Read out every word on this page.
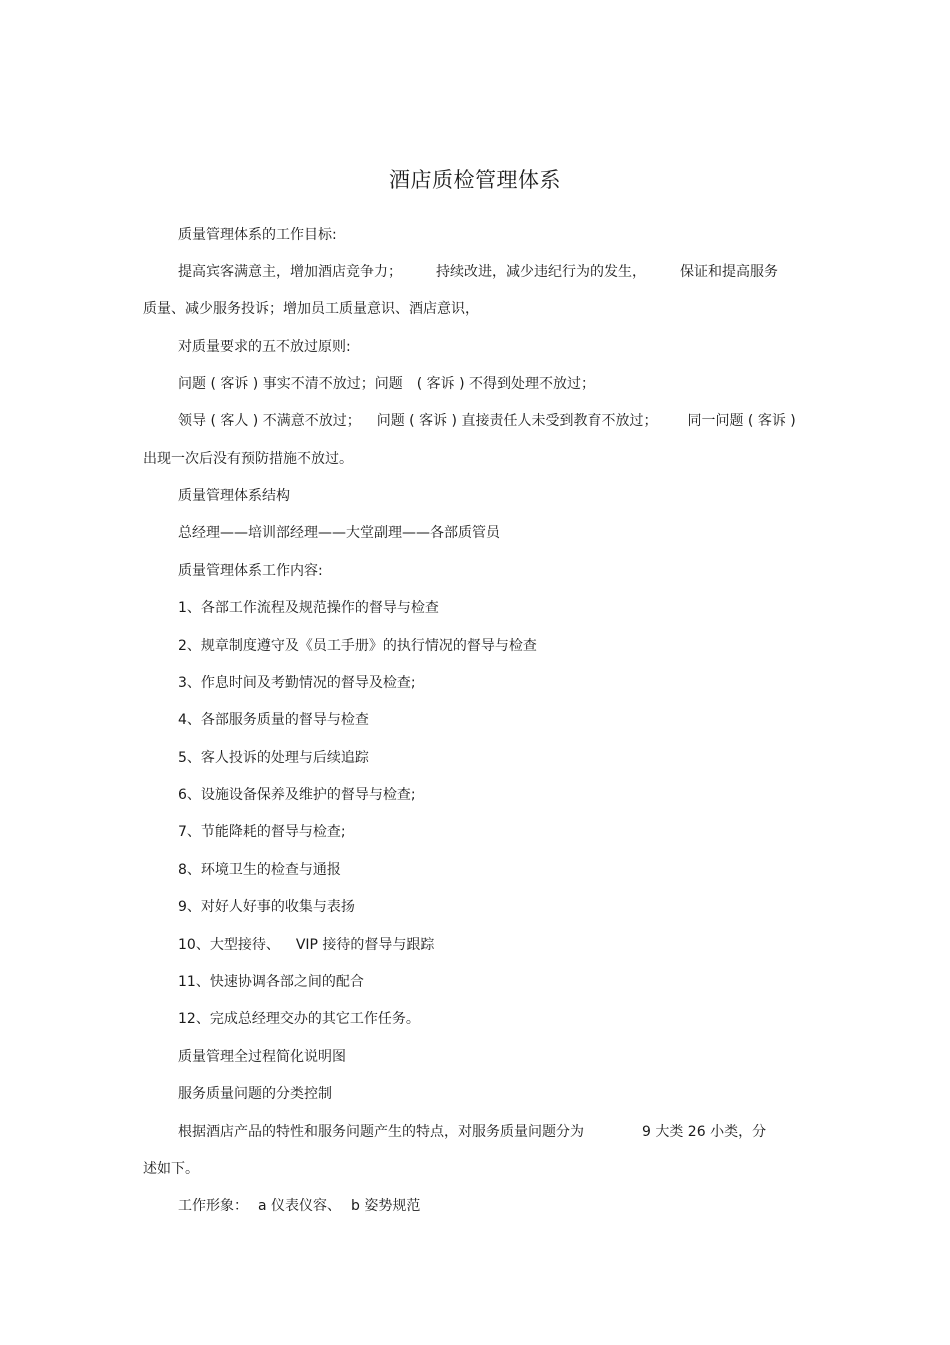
酒店质检管理体系
质量管理体系的工作目标:
提高宾客满意主，增加酒店竞争力； 持续改进，减少违纪行为的发生， 保证和提高服务
质量、减少服务投诉；增加员工质量意识、酒店意识，
对质量要求的五不放过原则:
问题 ( 客诉 ) 事实不清不放过；问题 ( 客诉 ) 不得到处理不放过；
领导 ( 客人 ) 不满意不放过； 问题 ( 客诉 ) 直接责任人未受到教育不放过； 同一问题 ( 客诉 )
出现一次后没有预防措施不放过。
质量管理体系结构
总经理——培训部经理——大堂副理——各部质管员
质量管理体系工作内容:
1、各部工作流程及规范操作的督导与检查
2、规章制度遵守及《员工手册》的执行情况的督导与检查
3、作息时间及考勤情况的督导及检查;
4、各部服务质量的督导与检查
5、客人投诉的处理与后续追踪
6、设施设备保养及维护的督导与检查;
7、节能降耗的督导与检查;
8、环境卫生的检查与通报
9、对好人好事的收集与表扬
10、大型接待、 VIP 接待的督导与跟踪
11、快速协调各部之间的配合
12、完成总经理交办的其它工作任务。
质量管理全过程简化说明图
服务质量问题的分类控制
根据酒店产品的特性和服务问题产生的特点，对服务质量问题分为	9 大类 26 小类，分
述如下。
工作形象： a 仪表仪容、 b 姿势规范
